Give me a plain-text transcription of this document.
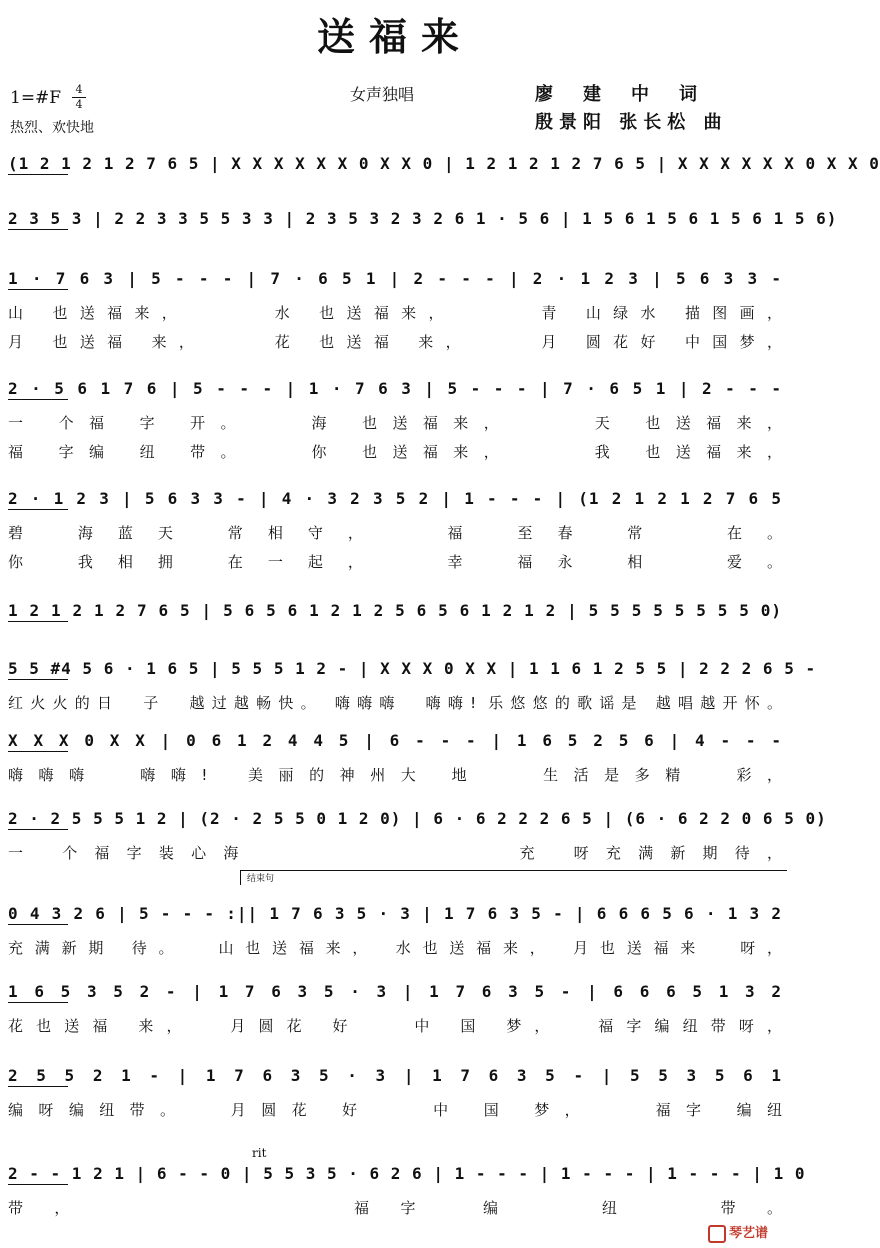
送福来
1=#F	4
4
热烈、欢快地
女声独唱	廖建中词
殷景阳 张长松 曲
(1 2 1 2 1 2 7 6 5 | X X X X X X 0 X X 0 | 1 2 1 2 1 2 7 6 5 | X X X X X X 0 X X 0
2 3 5 3 | 2 2 3 3 5 5 3 3 | 2 3 5 3 2 3 2 6 1 · 5 6 | 1 5 6 1 5 6 1 5 6 1 5 6)
1 · 7 6 3 | 5 - - - | 7 · 6 5 1 | 2 - - - | 2 · 1 2 3 | 5 6 3 3 -
山 也送福来，     水 也送福来，     青 山绿水 描图画，
月 也送福 来，    花 也送福 来，    月 圆花好 中国梦，
2 · 5 6 1 7 6 | 5 - - - | 1 · 7 6 3 | 5 - - - | 7 · 6 5 1 | 2 - - -
一 个福 字 开。   海 也送福来，    天 也送福来，
福 字编 纽 带。   你 也送福来，    我 也送福来，
2 · 1 2 3 | 5 6 3 3 - | 4 · 3 2 3 5 2 | 1 - - - | (1 2 1 2 1 2 7 6 5
碧 海蓝天 常相守，  福 至春 常  在。
你 我相拥 在一起，  幸 福永 相  爱。
1 2 1 2 1 2 7 6 5 | 5 6 5 6 1 2 1 2 5 6 5 6 1 2 1 2 | 5 5 5 5 5 5 5 5 0)
5 5 #4 5 6 · 1 6 5 | 5 5 5 1 2 - | X X X 0 X X | 1 1 6 1 2 5 5 | 2 2 2 6 5 -
红火火的日  子  越过越畅快。 嗨嗨嗨  嗨嗨! 乐悠悠的歌谣是 越唱越开怀。
X X X 0 X X | 0 6 1 2 4 4 5 | 6 - - - | 1 6 5 2 5 6 | 4 - - -
嗨嗨嗨  嗨嗨!  美丽的神州大 地   生活是多精  彩，
2 · 2 5 5 5 1 2 | (2 · 2 5 5 0 1 2 0) | 6 · 6 2 2 2 6 5 | (6 · 6 2 2 0 6 5 0)
一 个福字装心海            充 呀充满新期待，
0 4 3 2 6 | 5 - - - :|| 1 7 6 3 5 · 3 | 1 7 6 3 5 - | 6 6 6 5 6 · 1 3 2
充满新期 待。  山也送福来， 水也送福来， 月也送福来  呀，
1 6 5 3 5 2 - | 1 7 6 3 5 · 3 | 1 7 6 3 5 - | 6 6 6 5 1 3 2
花也送福 来，  月圆花 好   中 国 梦，  福字编纽带呀，
2 5 5 2 1 - | 1 7 6 3 5 · 3 | 1 7 6 3 5 - | 5 5 3 5 6 1
编呀编纽带。  月圆花 好   中 国 梦，   福字 编纽
2 - - 1 2 1 | 6 - - 0 | 5 5 3 5 · 6 2 6 | 1 - - - | 1 - - - | 1 - - - | 1 0
带，       福字 编  纽  带。
结束句
rit
琴艺谱
